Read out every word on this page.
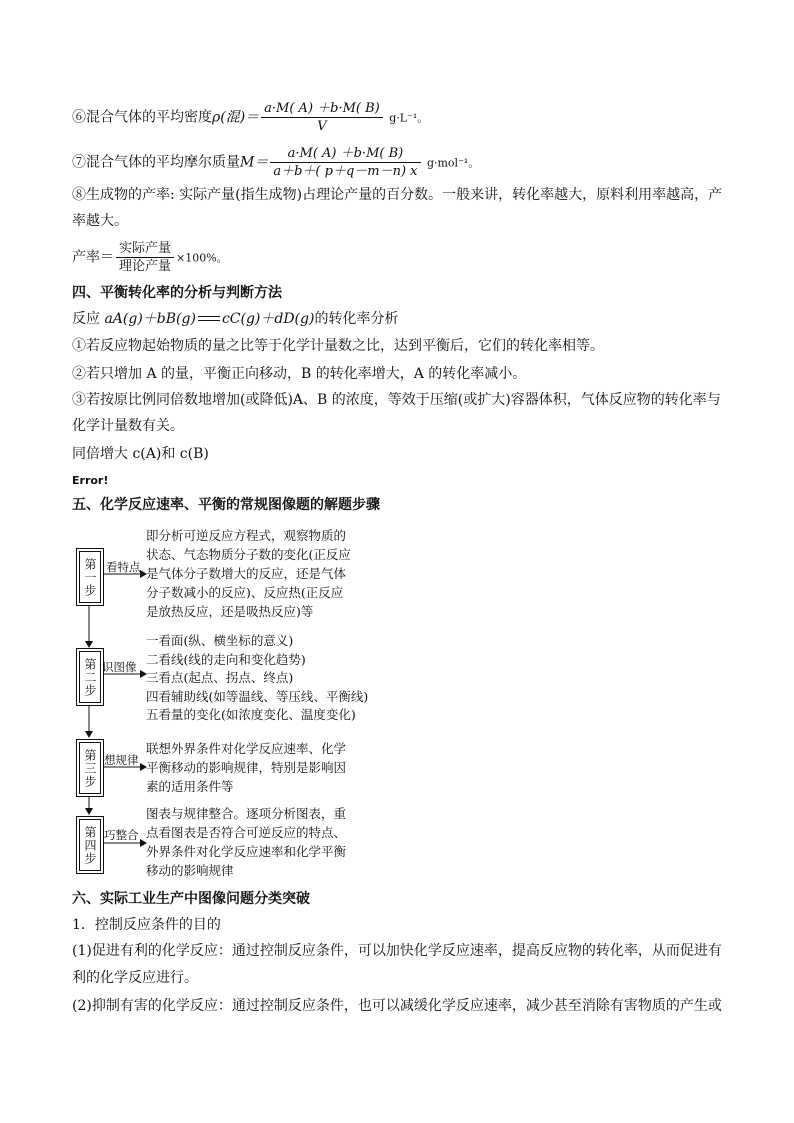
⑥混合气体的平均密度ρ(混)＝ $\frac{a\cdot M( A) +b\cdot M( B)}{V} g\cdot L^{-1}$。
⑦混合气体的平均摩尔质量$M= \frac{a\cdot M( A) +b\cdot M( B)}{a+b+( p+q-m-n) x} g\cdot mol^{-1}$。
⑧生成物的产率: 实际产量(指生成物)占理论产量的百分数。一般来讲，转化率越大，原料利用率越高，产
率越大。
产率＝ $\frac{\text{实际产量}}{\text{理论产量}} \times 100\%$。
四、平衡转化率的分析与判断方法
反应 aA(g)＋bB(g) cC(g)＋dD(g)的转化率分析
①若反应物起始物质的量之比等于化学计量数之比，达到平衡后，它们的转化率相等。
②若只增加 A 的量，平衡正向移动，B 的转化率增大，A 的转化率减小。
③若按原比例同倍数地增加(或降低)A、B 的浓度，等效于压缩(或扩大)容器体积，气体反应物的转化率与
化学计量数有关。
同倍增大 c(A)和 c(B)
Error!
五、化学反应速率、平衡的常规图像题的解题步骤
第一步 看特点
即分析可逆反应方程式，观察物质的
状态、气态物质分子数的变化(正反应
是气体分子数增大的反应，还是气体
分子数减小的反应)、反应热(正反应
是放热反应，还是吸热反应)等
第二步 识图像
一看面(纵、横坐标的意义)
二看线(线的走向和变化趋势)
三看点(起点、拐点、终点)
四看辅助线(如等温线、等压线、平衡线)
五看量的变化(如浓度变化、温度变化)
第三步 想规律
联想外界条件对化学反应速率、化学
平衡移动的影响规律，特别是影响因
素的适用条件等
第四步 巧整合
图表与规律整合。逐项分析图表，重
点看图表是否符合可逆反应的特点、
外界条件对化学反应速率和化学平衡
移动的影响规律
六、实际工业生产中图像问题分类突破
1．控制反应条件的目的
(1)促进有利的化学反应：通过控制反应条件，可以加快化学反应速率，提高反应物的转化率，从而促进有
利的化学反应进行。
(2)抑制有害的化学反应：通过控制反应条件，也可以减缓化学反应速率，减少甚至消除有害物质的产生或
